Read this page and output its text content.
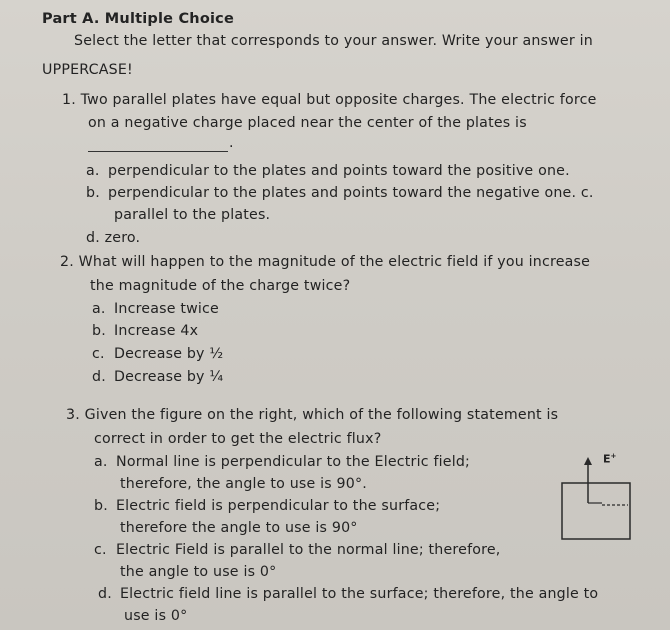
Part A. Multiple Choice
Select the letter that corresponds to your answer. Write your answer in
UPPERCASE!
1. Two parallel plates have equal but opposite charges. The electric force
on a negative charge placed near the center of the plates is
.
a. perpendicular to the plates and points toward the positive one.
b. perpendicular to the plates and points toward the negative one. c.
parallel to the plates.
d. zero.
2. What will happen to the magnitude of the electric field if you increase
the magnitude of the charge twice?
a. Increase twice
b. Increase 4x
c. Decrease by ½
d. Decrease by ¼
3. Given the figure on the right, which of the following statement is
correct in order to get the electric flux?
a. Normal line is perpendicular to the Electric field;
therefore, the angle to use is 90°.
b. Electric field is perpendicular to the surface;
therefore the angle to use is 90°
c. Electric Field is parallel to the normal line; therefore,
the angle to use is 0°
d. Electric field line is parallel to the surface; therefore, the angle to
use is 0°
E+
